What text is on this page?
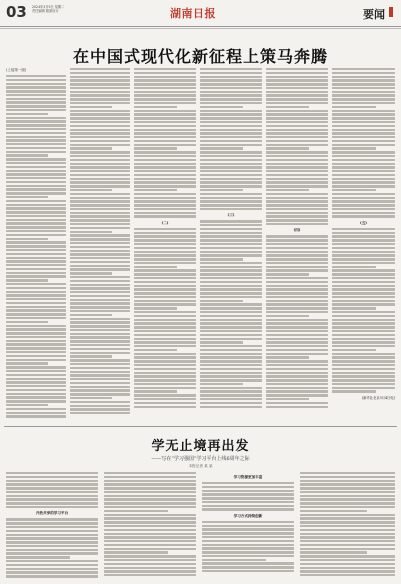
03 2024年3月5日 星期二
责任编辑 版面设计	湖南日报	要闻
在中国式现代化新征程上策马奔腾
(上接第一版)
(二)
(三)
(四)
(五)
(新华社北京3月4日电)
学无止境再出发
——写在“学习强国”学习平台上线6周年之际
本报记者 某 某
开放共享的学习平台
学习资源更加丰富
学习方式持续创新
